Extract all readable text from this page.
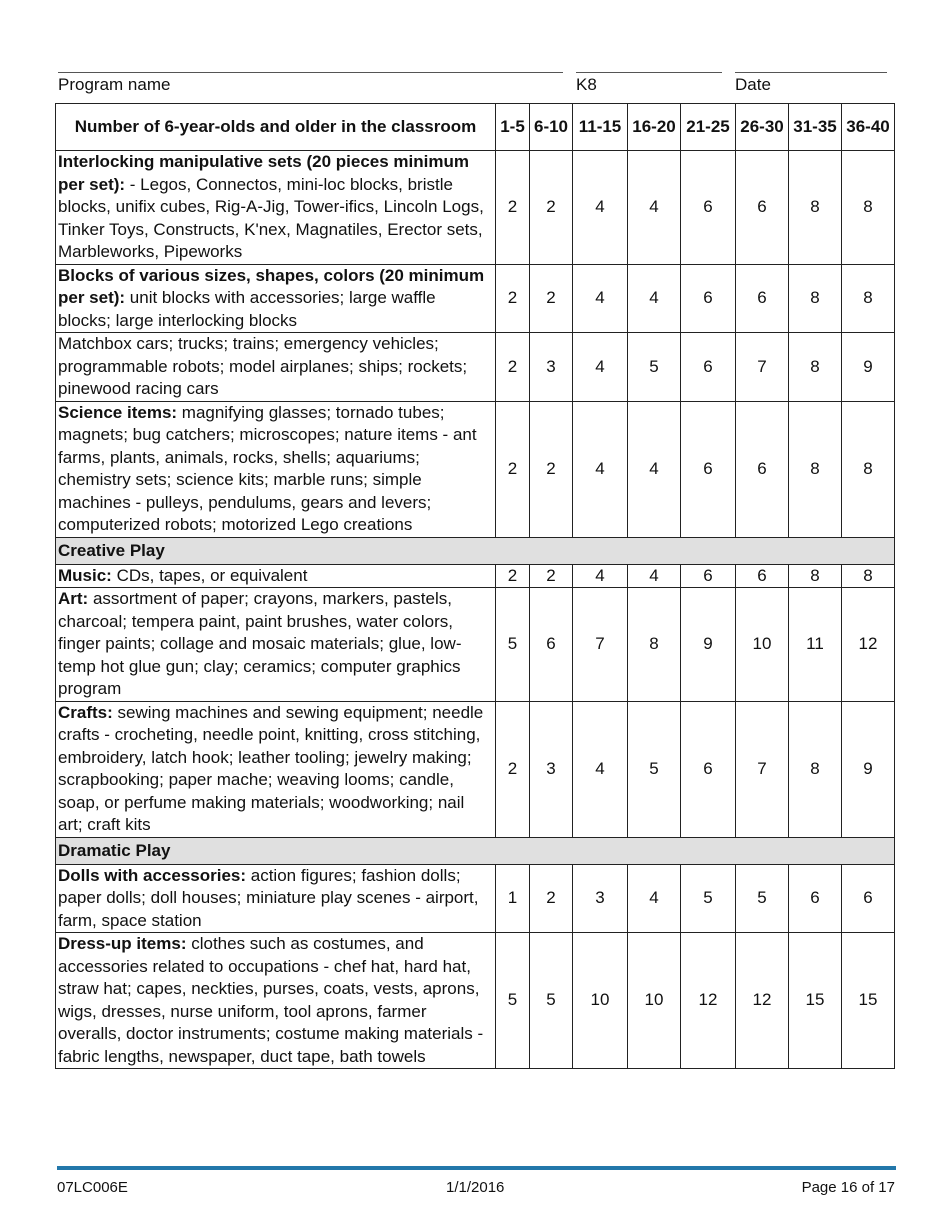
Program name	K8	Date
Number of 6-year-olds and older in the classroom	1-5	6-10	11-15	16-20	21-25	26-30	31-35	36-40
Interlocking manipulative sets (20 pieces minimum per set): - Legos, Connectos, mini-loc blocks, bristle blocks, unifix cubes, Rig-A-Jig, Tower-ifics, Lincoln Logs, Tinker Toys, Constructs, K'nex, Magnatiles, Erector sets, Marbleworks, Pipeworks	2	2	4	4	6	6	8	8
Blocks of various sizes, shapes, colors (20 minimum per set): unit blocks with accessories; large waffle blocks; large interlocking blocks	2	2	4	4	6	6	8	8
Matchbox cars; trucks; trains; emergency vehicles; programmable robots; model airplanes; ships; rockets; pinewood racing cars	2	3	4	5	6	7	8	9
Science items: magnifying glasses; tornado tubes; magnets; bug catchers; microscopes; nature items - ant farms, plants, animals, rocks, shells; aquariums; chemistry sets; science kits; marble runs; simple machines - pulleys, pendulums, gears and levers; computerized robots; motorized Lego creations	2	2	4	4	6	6	8	8
Creative Play								
Music: CDs, tapes, or equivalent	2	2	4	4	6	6	8	8
Art: assortment of paper; crayons, markers, pastels, charcoal; tempera paint, paint brushes, water colors, finger paints; collage and mosaic materials; glue, low-temp hot glue gun; clay; ceramics; computer graphics program	5	6	7	8	9	10	11	12
Crafts: sewing machines and sewing equipment; needle crafts - crocheting, needle point, knitting, cross stitching, embroidery, latch hook; leather tooling; jewelry making; scrapbooking; paper mache; weaving looms; candle, soap, or perfume making materials; woodworking; nail art; craft kits	2	3	4	5	6	7	8	9
Dramatic Play								
Dolls with accessories: action figures; fashion dolls; paper dolls; doll houses; miniature play scenes - airport, farm, space station	1	2	3	4	5	5	6	6
Dress-up items: clothes such as costumes, and accessories related to occupations - chef hat, hard hat, straw hat; capes, neckties, purses, coats, vests, aprons, wigs, dresses, nurse uniform, tool aprons, farmer overalls, doctor instruments; costume making materials - fabric lengths, newspaper, duct tape, bath towels	5	5	10	10	12	12	15	15
07LC006E	1/1/2016	Page 16 of 17
